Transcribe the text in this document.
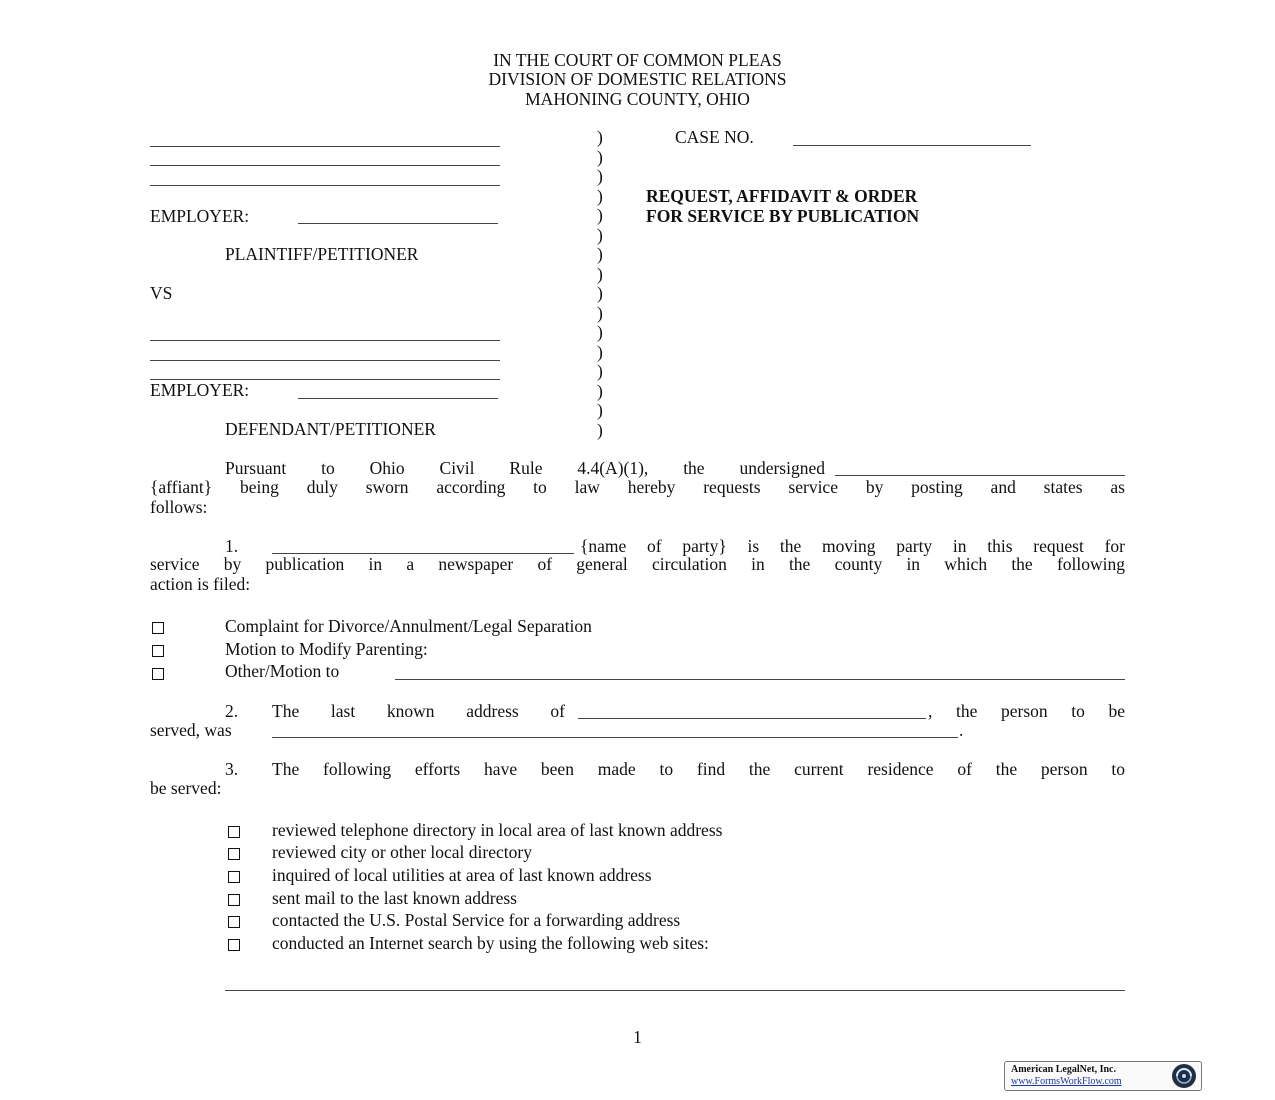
IN THE COURT OF COMMON PLEAS
DIVISION OF DOMESTIC RELATIONS
MAHONING COUNTY, OHIO
EMPLOYER:
PLAINTIFF/PETITIONER
VS
EMPLOYER:
DEFENDANT/PETITIONER
)
)
)
)
)
)
)
)
)
)
)
)
)
)
)
)
CASE NO.
REQUEST, AFFIDAVIT & ORDER
FOR SERVICE BY PUBLICATION
Pursuant to Ohio Civil Rule 4.4(A)(1), the undersigned
{affiant} being duly sworn according to law hereby requests service by posting and states as
follows:
1.	{name of party} is the moving party in this request for
service by publication in a newspaper of general circulation in the county in which the following
action is filed:
Complaint for Divorce/Annulment/Legal Separation
Motion to Modify Parenting:
Other/Motion to
2. The last known address of	, the person to be
served, was	.
3. The following efforts have been made to find the current residence of the person to
be served:
reviewed telephone directory in local area of last known address
reviewed city or other local directory
inquired of local utilities at area of last known address
sent mail to the last known address
contacted the U.S. Postal Service for a forwarding address
conducted an Internet search by using the following web sites:
1
American LegalNet, Inc.
www.FormsWorkFlow.com
